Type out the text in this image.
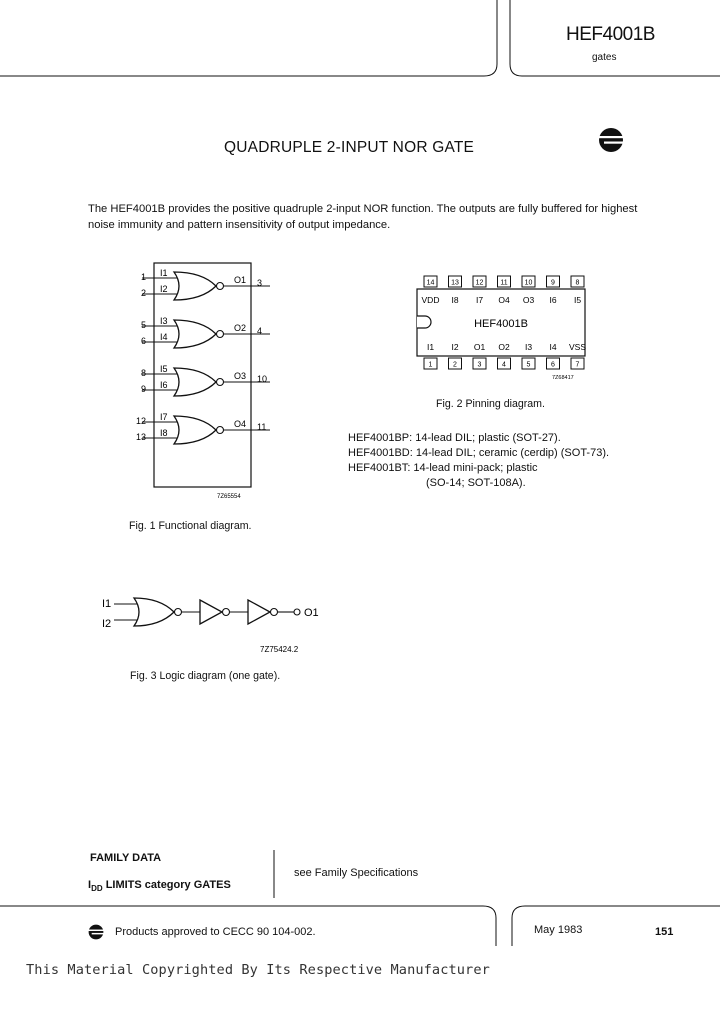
HEF4001B
gates
QUADRUPLE 2-INPUT NOR GATE
The HEF4001B provides the positive quadruple 2-input NOR function. The outputs are fully buffered for highest noise immunity and pattern insensitivity of output impedance.
1
2
I1
I2
O1 3
5
6
I3
I4
O2 4
8
9
I5
I6
O3 10
12
13
I7
I8
O4 11
7Z65554
Fig. 1 Functional diagram.
HEF4001B
14
VDD
1
I1
13
I8
2
I2
12
I7
3
O1
11
O4
4
O2
10
O3
5
I3
9
I6
6
I4
8
I5
7
VSS
7Z68417
Fig. 2 Pinning diagram.
HEF4001BP: 14-lead DIL; plastic (SOT-27).
HEF4001BD: 14-lead DIL; ceramic (cerdip) (SOT-73).
HEF4001BT: 14-lead mini-pack; plastic
(SO-14; SOT-108A).
I1
I2
O1
7Z75424.2
Fig. 3 Logic diagram (one gate).
FAMILY DATA
$I_{DD}$ LIMITS category GATES
see Family Specifications
Products approved to CECC 90 104-002.	May 1983	151
This Material Copyrighted By Its Respective Manufacturer
